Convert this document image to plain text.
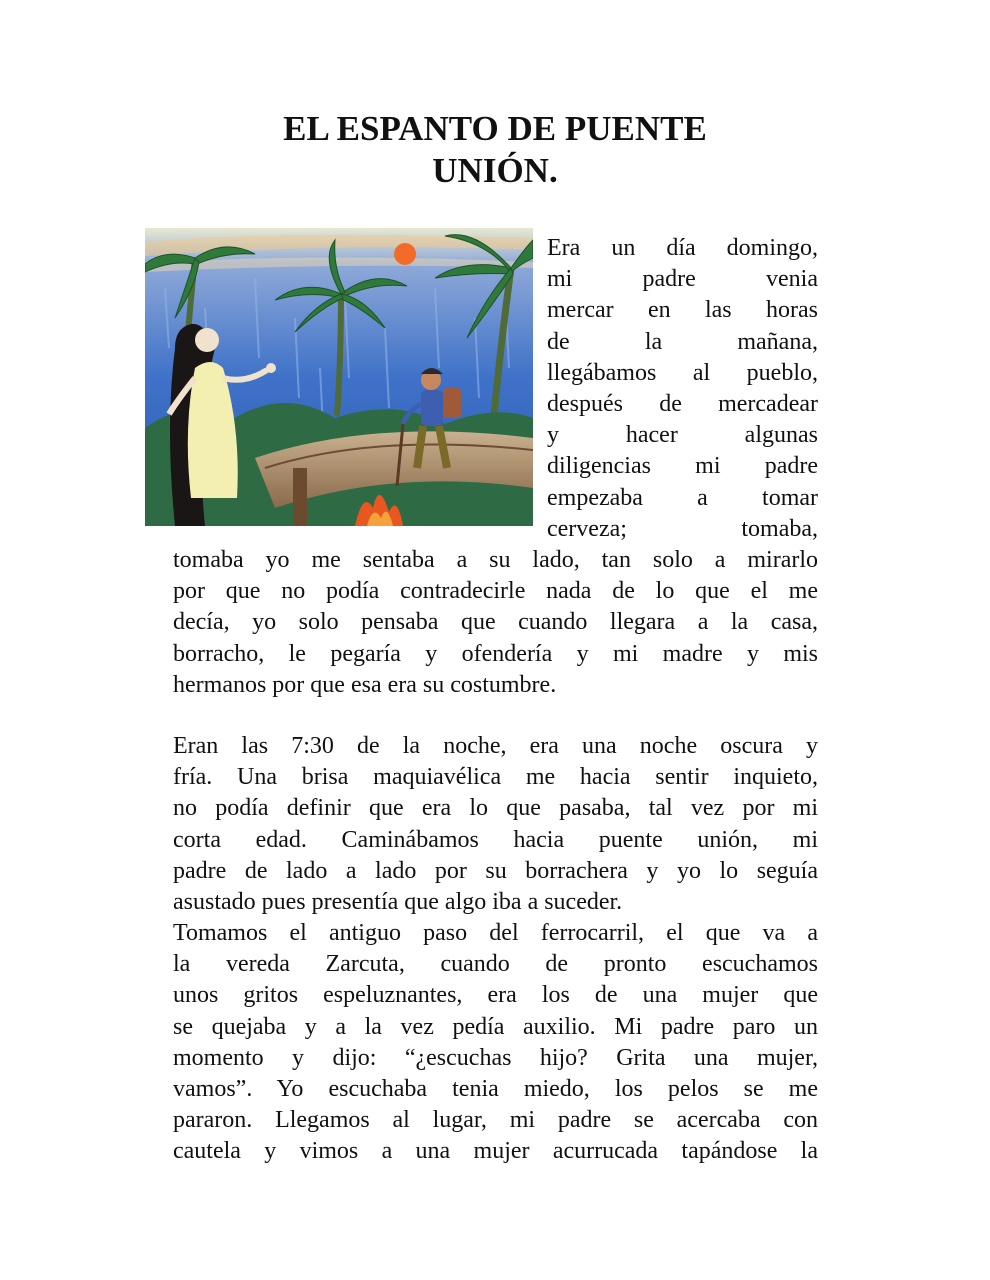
EL ESPANTO DE PUENTE
UNIÓN.
Era un día domingo,
mi padre venia
mercar en las horas
de la mañana,
llegábamos al pueblo,
después de mercadear
y hacer algunas
diligencias mi padre
empezaba a tomar
cerveza; tomaba,
tomaba yo me sentaba a su lado, tan solo a mirarlo
por que no podía contradecirle nada de lo que el me
decía, yo solo pensaba que cuando llegara a la casa,
borracho, le pegaría y ofendería y mi madre y mis
hermanos por que esa era su costumbre.
Eran las 7:30 de la noche, era una noche oscura y
fría. Una brisa maquiavélica me hacia sentir inquieto,
no podía definir que era lo que pasaba, tal vez por mi
corta edad. Caminábamos hacia puente unión, mi
padre de lado a lado por su borrachera y yo lo seguía
asustado pues presentía que algo iba a suceder.
Tomamos el antiguo paso del ferrocarril, el que va a
la vereda Zarcuta, cuando de pronto escuchamos
unos gritos espeluznantes, era los de una mujer que
se quejaba y a la vez pedía auxilio. Mi padre paro un
momento y dijo: “¿escuchas hijo? Grita una mujer,
vamos”. Yo escuchaba tenia miedo, los pelos se me
pararon. Llegamos al lugar, mi padre se acercaba con
cautela y vimos a una mujer acurrucada tapándose la
